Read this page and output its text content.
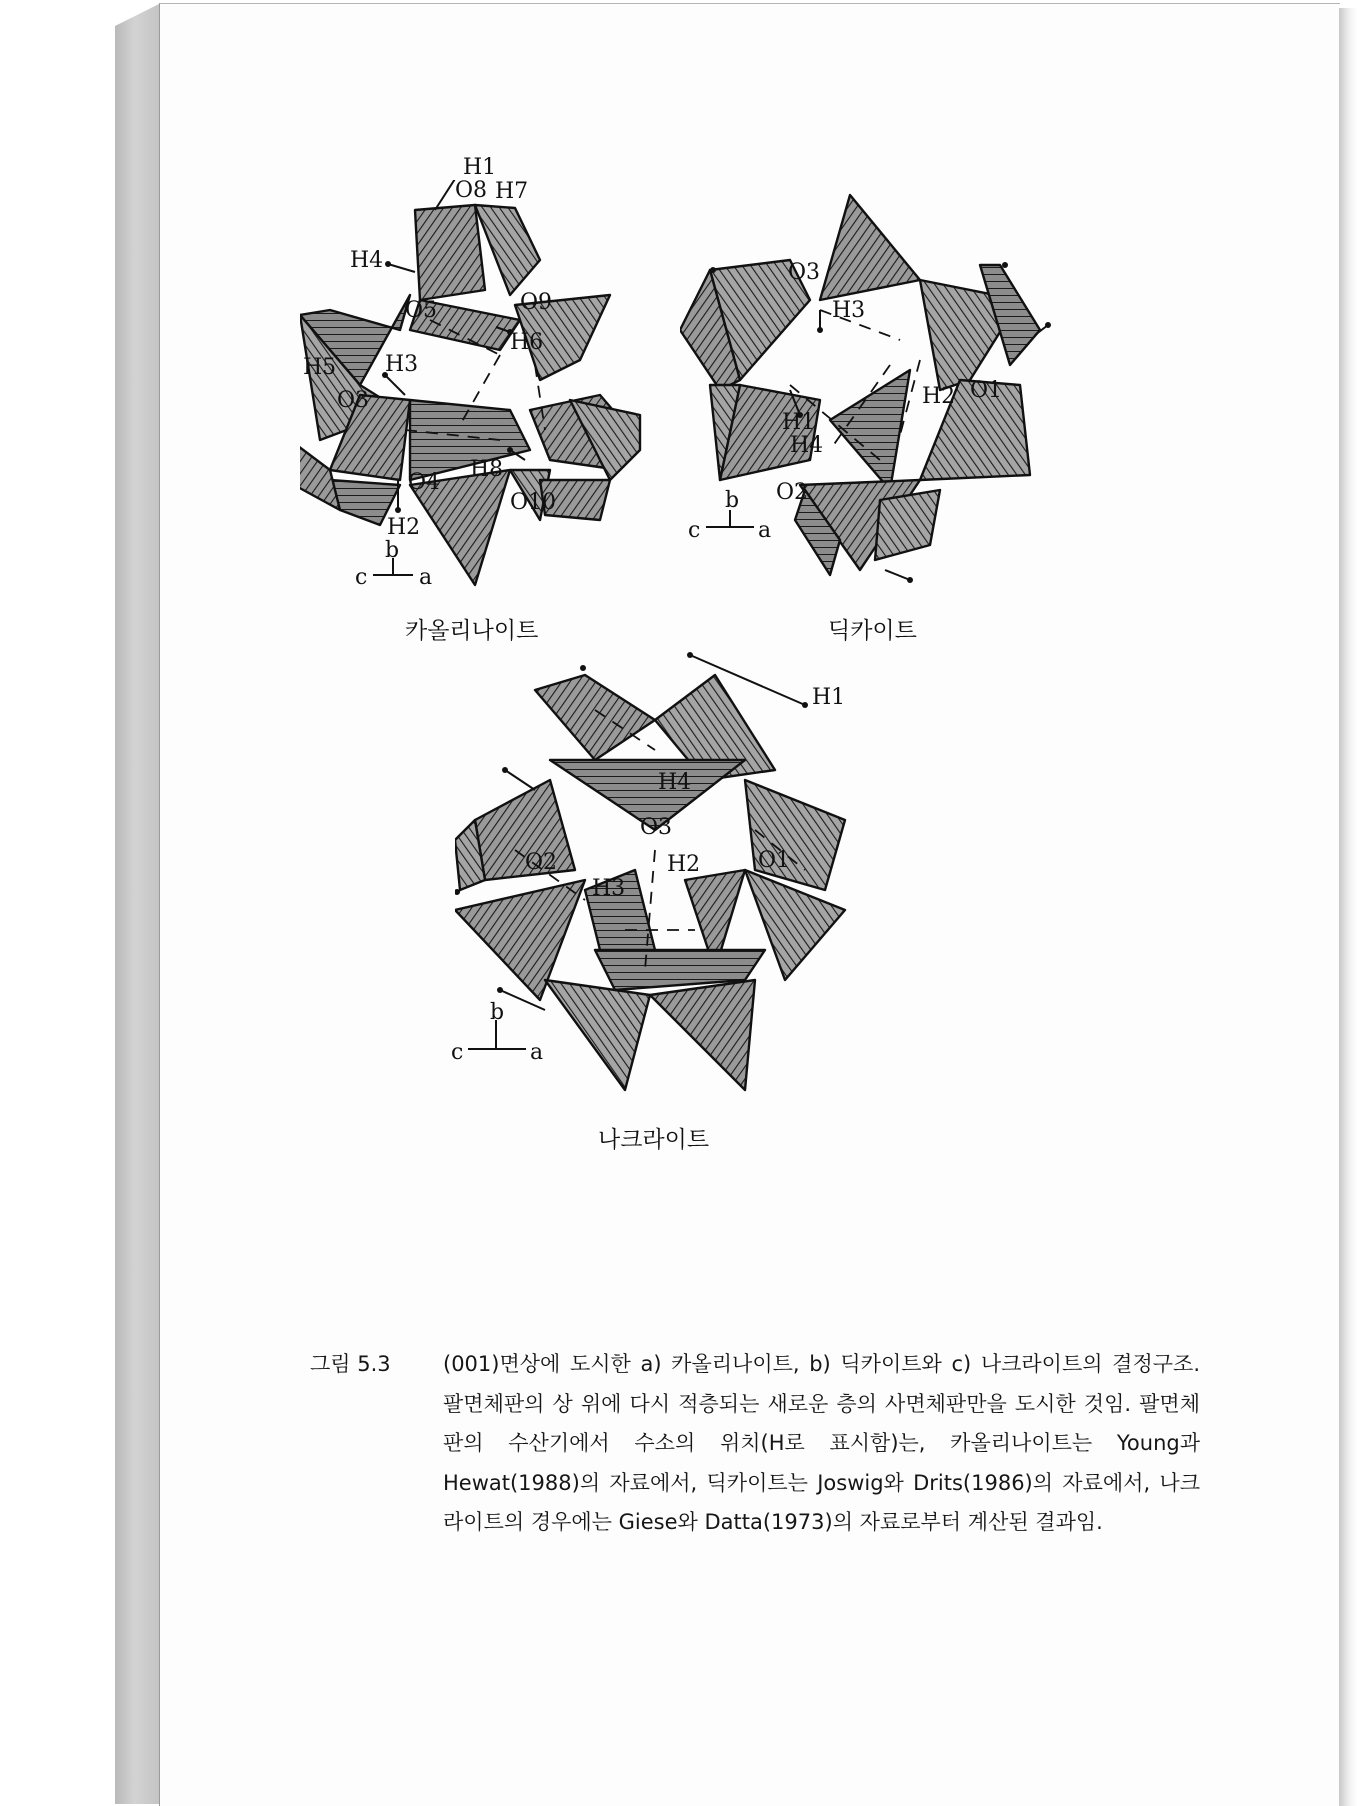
H1
O8 H7
H4
O5	O9
H6
H5 H3
O3
O4
H8
O10
H2
b
c a
카올리나이트
O3
H3
H2 O1
H1
H4
O2
b
c	a
딕카이트
H1
H4
O3
O2
H3
H2	O1
b
c	a
나크라이트
그림 5.3 (001)면상에 도시한 a) 카올리나이트, b) 딕카이트와 c) 나크라이트의 결정구조. 팔면체판의 상 위에 다시 적층되는 새로운 층의 사면체판만을 도시한 것임. 팔면체판의 수산기에서 수소의 위치(H로 표시함)는, 카올리나이트는 Young과 Hewat(1988)의 자료에서, 딕카이트는 Joswig와 Drits(1986)의 자료에서, 나크라이트의 경우에는 Giese와 Datta(1973)의 자료로부터 계산된 결과임.
